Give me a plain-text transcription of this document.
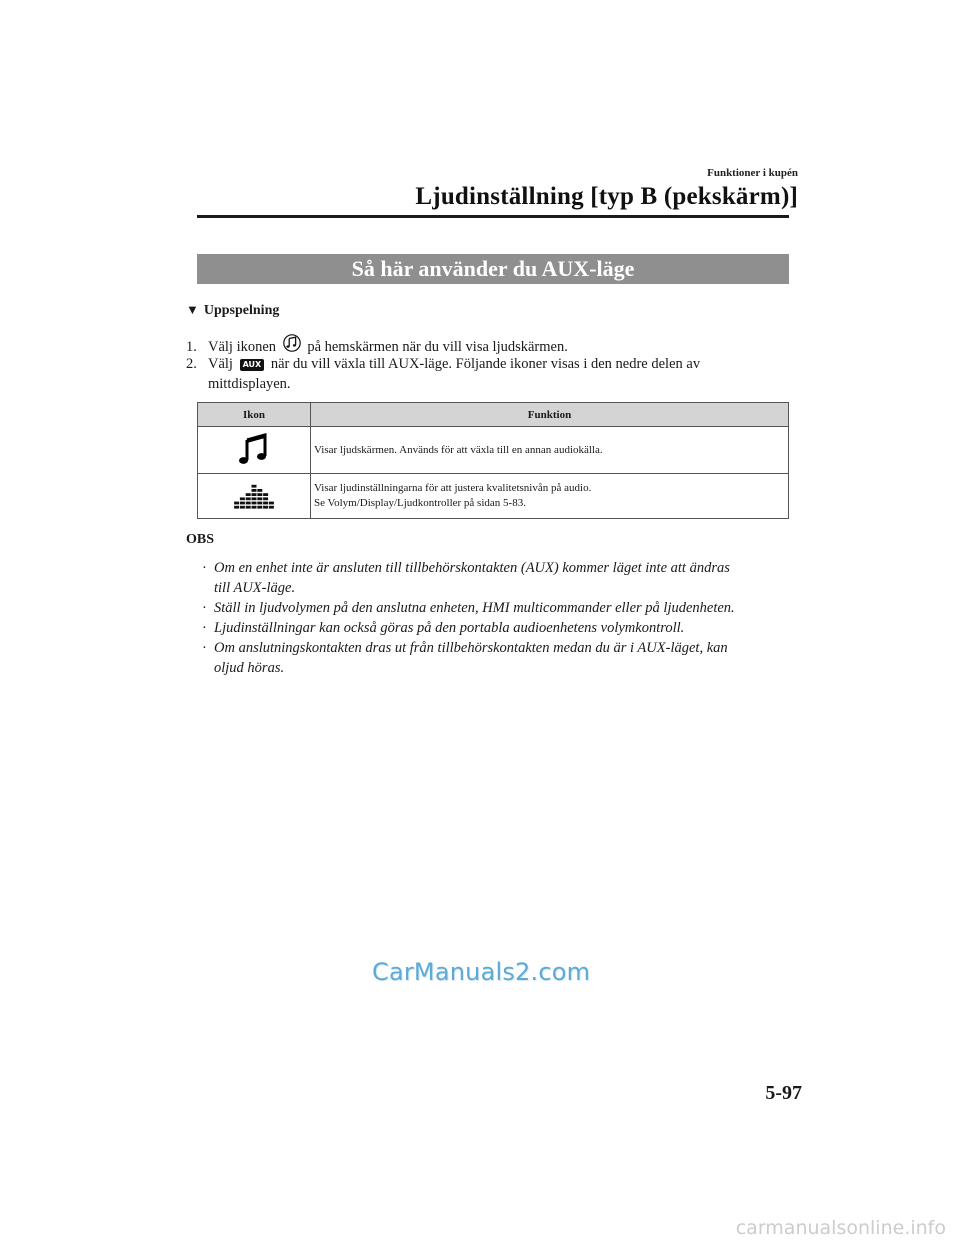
Funktioner i kupén
Ljudinställning [typ B (pekskärm)]
Så här använder du AUX-läge
▼ Uppspelning
1. Välj ikonen på hemskärmen när du vill visa ljudskärmen.
2. Välj AUX när du vill växla till AUX-läge. Följande ikoner visas i den nedre delen av
mittdisplayen.
Ikon	Funktion

Visar ljudskärmen. Används för att växla till en annan audiokälla.

Visar ljudinställningarna för att justera kvalitetsnivån på audio.
Se Volym/Display/Ljudkontroller på sidan 5-83.
OBS
· Om en enhet inte är ansluten till tillbehörskontakten (AUX) kommer läget inte att ändras
till AUX-läge.
· Ställ in ljudvolymen på den anslutna enheten, HMI multicommander eller på ljudenheten.
· Ljudinställningar kan också göras på den portabla audioenhetens volymkontroll.
· Om anslutningskontakten dras ut från tillbehörskontakten medan du är i AUX-läget, kan
oljud höras.
CarManuals2.com
5-97
carmanualsonline.info
